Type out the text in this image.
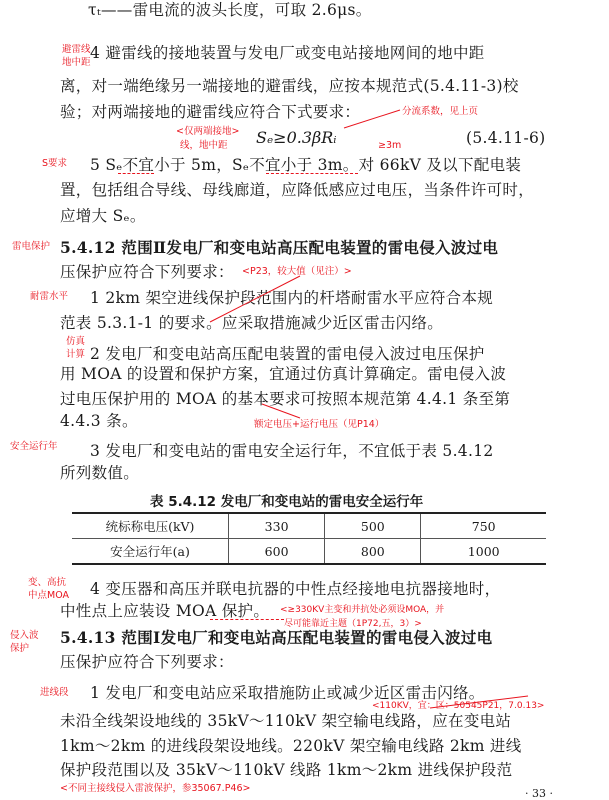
τₜ——雷电流的波头长度，可取 2.6μs。
4 避雷线的接地装置与发电厂或变电站接地网间的地中距
离，对一端绝缘另一端接地的避雷线，应按本规范式(5.4.11-3)校
验；对两端接地的避雷线应符合下式要求：
Sₑ≥0.3βRᵢ	(5.4.11-6)
5 Sₑ不宜小于 5m，Sₑ不宜小于 3m。对 66kV 及以下配电装
置，包括组合导线、母线廊道，应降低感应过电压，当条件许可时，
应增大 Sₑ。
5.4.12 范围Ⅱ发电厂和变电站高压配电装置的雷电侵入波过电
压保护应符合下列要求：
1 2km 架空进线保护段范围内的杆塔耐雷水平应符合本规
范表 5.3.1-1 的要求。应采取措施减少近区雷击闪络。
2 发电厂和变电站高压配电装置的雷电侵入波过电压保护
用 MOA 的设置和保护方案，宜通过仿真计算确定。雷电侵入波
过电压保护用的 MOA 的基本要求可按照本规范第 4.4.1 条至第
4.4.3 条。
3 发电厂和变电站的雷电安全运行年，不宜低于表 5.4.12
所列数值。
表 5.4.12 发电厂和变电站的雷电安全运行年
统标称电压(kV)	330	500	750
安全运行年(a)	600	800	1000
4 变压器和高压并联电抗器的中性点经接地电抗器接地时，
中性点上应装设 MOA 保护。
5.4.13 范围Ⅰ发电厂和变电站高压配电装置的雷电侵入波过电
压保护应符合下列要求：
1 发电厂和变电站应采取措施防止或减少近区雷击闪络。
未沿全线架设地线的 35kV～110kV 架空输电线路，应在变电站
1km～2km 的进线段架设地线。220kV 架空输电线路 2km 进线
保护段范围以及 35kV～110kV 线路 1km～2km 进线保护段范
· 33 ·
避雷线
地中距
分流系数，见上页
<仅两端接地>
线，地中距	≥3m
S要求
雷电保护
<P23，较大值（见注）>
耐雷水平
仿真
计算
额定电压+运行电压（见P14）
安全运行年
变、高抗
中点MOA
<≥330KV主变和并抗处必须设MOA，并
尽可能靠近主题（1P72,五，3）>
侵入波
保护
进线段
<110KV，宜：区：50545P21，7.0.13>
<不同主接线侵入雷波保护，参35067.P46>
